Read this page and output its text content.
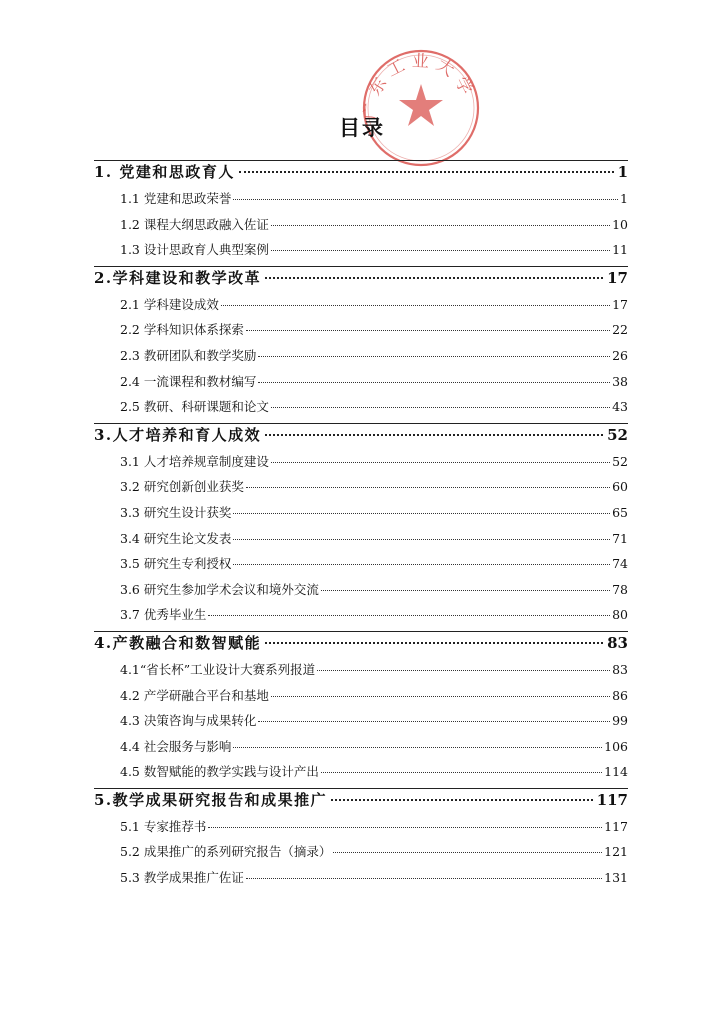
广东工业大学
目录
1. 党建和思政育人	1
1.1 党建和思政荣誉	1
1.2 课程大纲思政融入佐证	10
1.3 设计思政育人典型案例	11
2.学科建设和教学改革	17
2.1 学科建设成效	17
2.2 学科知识体系探索	22
2.3 教研团队和教学奖励	26
2.4 一流课程和教材编写	38
2.5 教研、科研课题和论文	43
3.人才培养和育人成效	52
3.1 人才培养规章制度建设	52
3.2 研究创新创业获奖	60
3.3 研究生设计获奖	65
3.4 研究生论文发表	71
3.5 研究生专利授权	74
3.6 研究生参加学术会议和境外交流	78
3.7 优秀毕业生	80
4.产教融合和数智赋能	83
4.1“省长杯”工业设计大赛系列报道	83
4.2 产学研融合平台和基地	86
4.3 决策咨询与成果转化	99
4.4 社会服务与影响	106
4.5 数智赋能的教学实践与设计产出	114
5.教学成果研究报告和成果推广	117
5.1 专家推荐书	117
5.2 成果推广的系列研究报告（摘录）	121
5.3 教学成果推广佐证	131
